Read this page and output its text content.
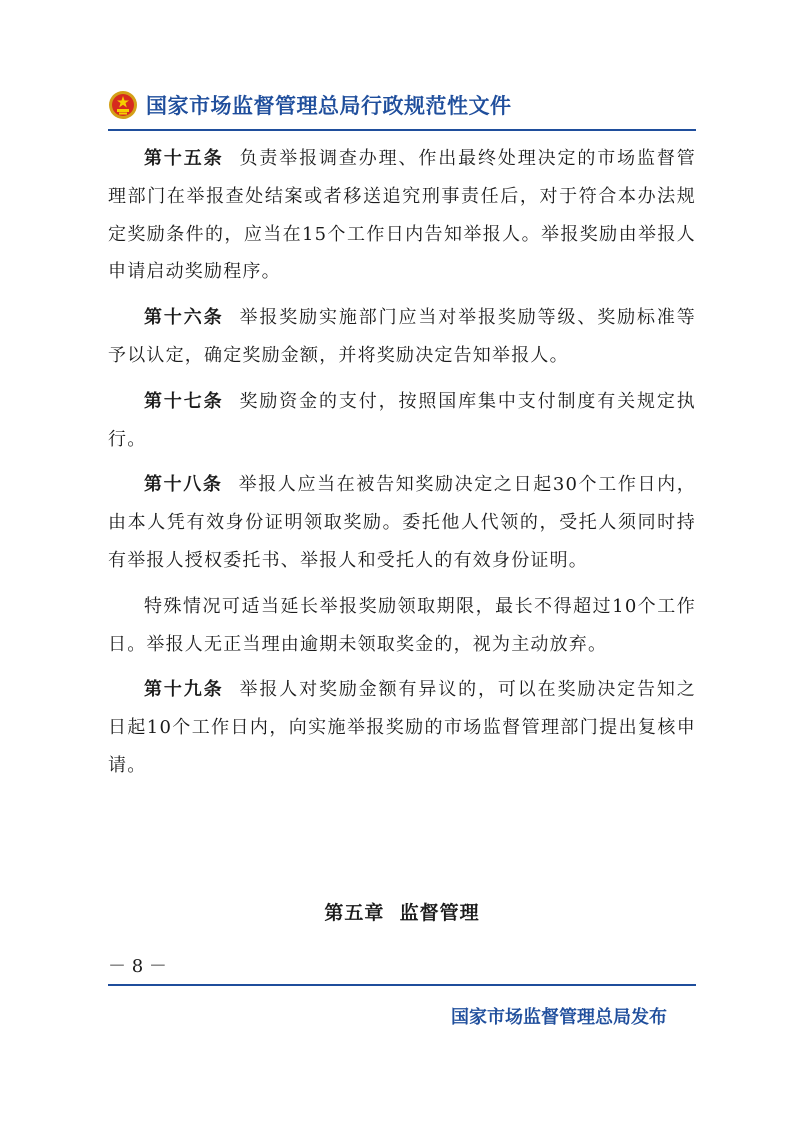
国家市场监督管理总局行政规范性文件

第十五条 负责举报调查办理、作出最终处理决定的市场监督管理部门在举报查处结案或者移送追究刑事责任后，对于符合本办法规定奖励条件的，应当在15个工作日内告知举报人。举报奖励由举报人申请启动奖励程序。

第十六条 举报奖励实施部门应当对举报奖励等级、奖励标准等予以认定，确定奖励金额，并将奖励决定告知举报人。

第十七条 奖励资金的支付，按照国库集中支付制度有关规定执行。

第十八条 举报人应当在被告知奖励决定之日起30个工作日内，由本人凭有效身份证明领取奖励。委托他人代领的，受托人须同时持有举报人授权委托书、举报人和受托人的有效身份证明。

特殊情况可适当延长举报奖励领取期限，最长不得超过10个工作日。举报人无正当理由逾期未领取奖金的，视为主动放弃。

第十九条 举报人对奖励金额有异议的，可以在奖励决定告知之日起10个工作日内，向实施举报奖励的市场监督管理部门提出复核申请。

第五章  监督管理
－ 8 －
国家市场监督管理总局发布
